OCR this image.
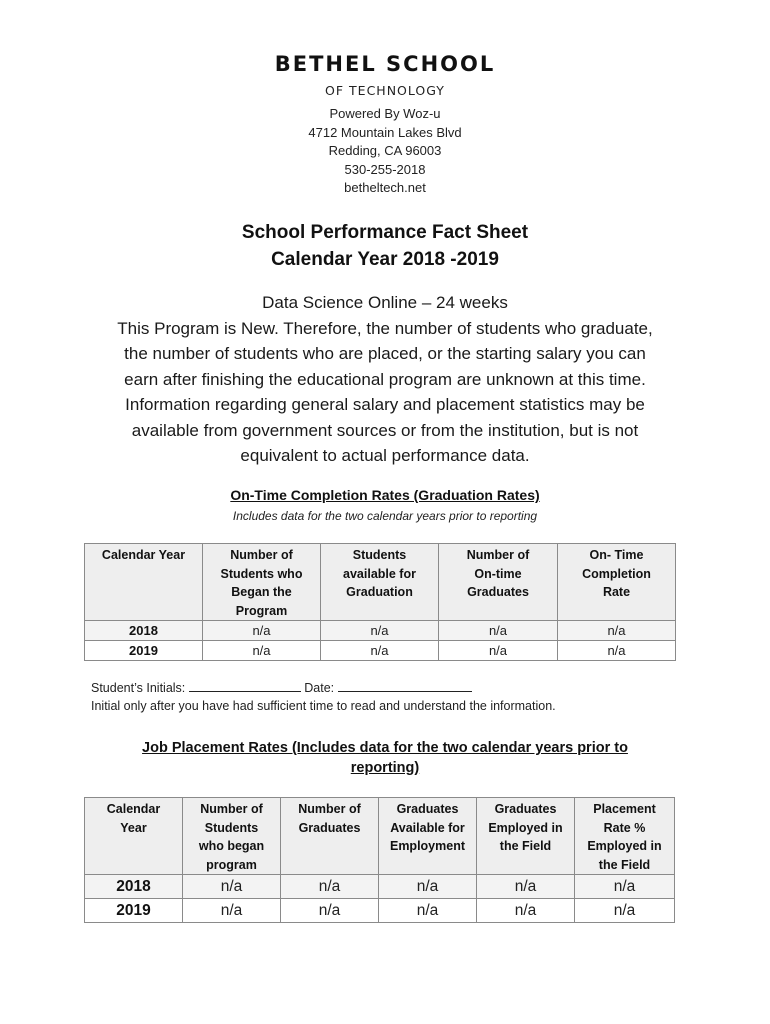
BETHEL SCHOOL
OF TECHNOLOGY
Powered By Woz-u
4712 Mountain Lakes Blvd
Redding, CA 96003
530-255-2018
betheltech.net
School Performance Fact Sheet
Calendar Year 2018 -2019
Data Science Online – 24 weeks
This Program is New. Therefore, the number of students who graduate,
the number of students who are placed, or the starting salary you can
earn after finishing the educational program are unknown at this time.
Information regarding general salary and placement statistics may be
available from government sources or from the institution, but is not
equivalent to actual performance data.
On-Time Completion Rates (Graduation Rates)
Includes data for the two calendar years prior to reporting
Calendar Year	Number of Students who Began the Program	Students available for Graduation	Number of On-time Graduates	On- Time Completion Rate
2018	n/a	n/a	n/a	n/a
2019	n/a	n/a	n/a	n/a
Student’s Initials:	Date:
Initial only after you have had sufficient time to read and understand the information.
Job Placement Rates (Includes data for the two calendar years prior to
reporting)
Calendar Year	Number of Students who began program	Number of Graduates	Graduates Available for Employment	Graduates Employed in the Field	Placement Rate % Employed in the Field
2018	n/a	n/a	n/a	n/a	n/a
2019	n/a	n/a	n/a	n/a	n/a
